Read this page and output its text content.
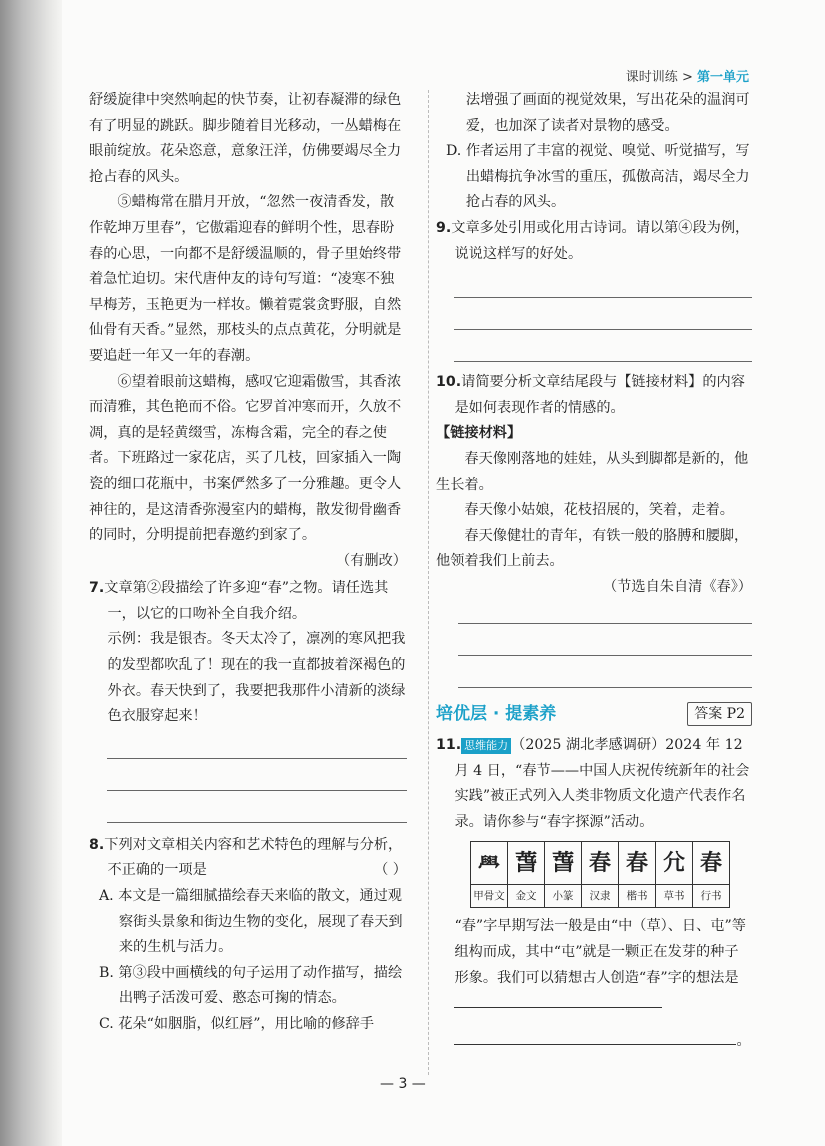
课时训练 > 第一单元

舒缓旋律中突然响起的快节奏，让初春凝滞的绿色有了明显的跳跃。脚步随着目光移动，一丛蜡梅在眼前绽放。花朵恣意，意象汪洋，仿佛要竭尽全力抢占春的风头。

⑤蜡梅常在腊月开放，“忽然一夜清香发，散作乾坤万里春”，它傲霜迎春的鲜明个性，思春盼春的心思，一向都不是舒缓温顺的，骨子里始终带着急忙迫切。宋代唐仲友的诗句写道：“凌寒不独早梅芳，玉艳更为一样妆。懒着霓裳贪野服，自然仙骨有天香。”显然，那枝头的点点黄花，分明就是要追赶一年又一年的春潮。

⑥望着眼前这蜡梅，感叹它迎霜傲雪，其香浓而清雅，其色艳而不俗。它罗首冲寒而开，久放不凋，真的是轻黄缀雪，冻梅含霜，完全的春之使者。下班路过一家花店，买了几枝，回家插入一陶瓷的细口花瓶中，书案俨然多了一分雅趣。更令人神往的，是这清香弥漫室内的蜡梅，散发彻骨幽香的同时，分明提前把春邀约到家了。

（有删改）

7.文章第②段描绘了许多迎“春”之物。请任选其一，以它的口吻补全自我介绍。

示例：我是银杏。冬天太冷了，凛冽的寒风把我的发型都吹乱了！现在的我一直都披着深褐色的外衣。春天快到了，我要把我那件小清新的淡绿色衣服穿起来！

8.下列对文章相关内容和艺术特色的理解与分析，不正确的一项是	（ ）

A. 本文是一篇细腻描绘春天来临的散文，通过观察街头景象和街边生物的变化，展现了春天到来的生机与活力。

B. 第③段中画横线的句子运用了动作描写，描绘出鸭子活泼可爱、憨态可掬的情态。

C. 花朵“如胭脂，似红唇”，用比喻的修辞手

法增强了画面的视觉效果，写出花朵的温润可爱，也加深了读者对景物的感受。

D. 作者运用了丰富的视觉、嗅觉、听觉描写，写出蜡梅抗争冰雪的重压，孤傲高洁，竭尽全力抢占春的风头。

9.文章多处引用或化用古诗词。请以第④段为例，说说这样写的好处。

10.请简要分析文章结尾段与【链接材料】的内容是如何表现作者的情感的。

【链接材料】

春天像刚落地的娃娃，从头到脚都是新的，他生长着。

春天像小姑娘，花枝招展的，笑着，走着。

春天像健壮的青年，有铁一般的胳膊和腰脚，他领着我们上前去。

（节选自朱自清《春》）

培优层 · 提素养	答案 P2

11. 思维能力 （2025 湖北孝感调研）2024 年 12 月 4 日，“春节——中国人庆祝传统新年的社会实践”被正式列入人类非物质文化遗产代表作名录。请你参与“春字探源”活动。

𦥯	萅	萅	春	春	𡯂	春
甲骨文	金文	小篆	汉隶	楷书	草书	行书

“春”字早期写法一般是由“中（草）、日、屯”等组构而成，其中“屯”就是一颗正在发芽的种子形象。我们可以猜想古人创造“春”字的想法是

。

— 3 —
